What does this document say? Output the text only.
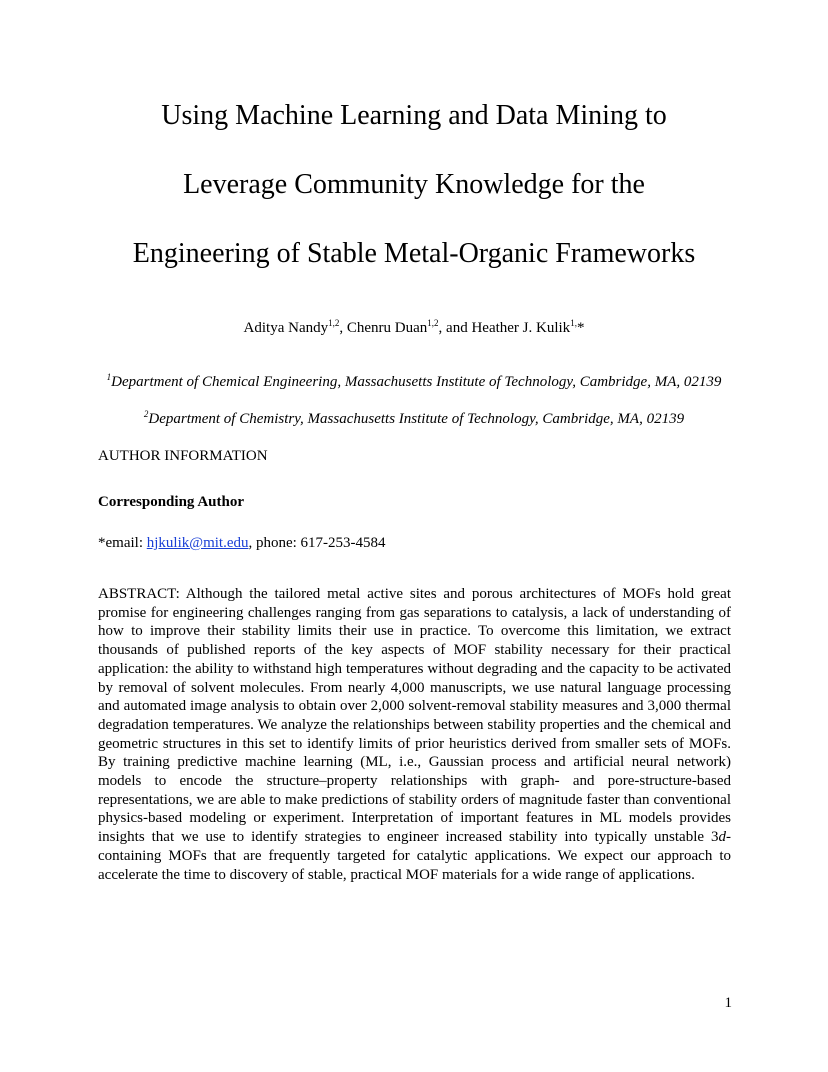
Using Machine Learning and Data Mining to
Leverage Community Knowledge for the
Engineering of Stable Metal-Organic Frameworks
Aditya Nandy$^{1,2}$, Chenru Duan$^{1,2}$, and Heather J. Kulik$^{1,}$*
$^1$Department of Chemical Engineering, Massachusetts Institute of Technology, Cambridge, MA, 02139
$^2$Department of Chemistry, Massachusetts Institute of Technology, Cambridge, MA, 02139
AUTHOR INFORMATION
Corresponding Author
*email: hjkulik@mit.edu, phone: 617-253-4584
ABSTRACT: Although the tailored metal active sites and porous architectures of MOFs hold great promise for engineering challenges ranging from gas separations to catalysis, a lack of understanding of how to improve their stability limits their use in practice. To overcome this limitation, we extract thousands of published reports of the key aspects of MOF stability necessary for their practical application: the ability to withstand high temperatures without degrading and the capacity to be activated by removal of solvent molecules. From nearly 4,000 manuscripts, we use natural language processing and automated image analysis to obtain over 2,000 solvent-removal stability measures and 3,000 thermal degradation temperatures. We analyze the relationships between stability properties and the chemical and geometric structures in this set to identify limits of prior heuristics derived from smaller sets of MOFs. By training predictive machine learning (ML, i.e., Gaussian process and artificial neural network) models to encode the structure–property relationships with graph- and pore-structure-based representations, we are able to make predictions of stability orders of magnitude faster than conventional physics-based modeling or experiment. Interpretation of important features in ML models provides insights that we use to identify strategies to engineer increased stability into typically unstable 3d-containing MOFs that are frequently targeted for catalytic applications. We expect our approach to accelerate the time to discovery of stable, practical MOF materials for a wide range of applications.
1
